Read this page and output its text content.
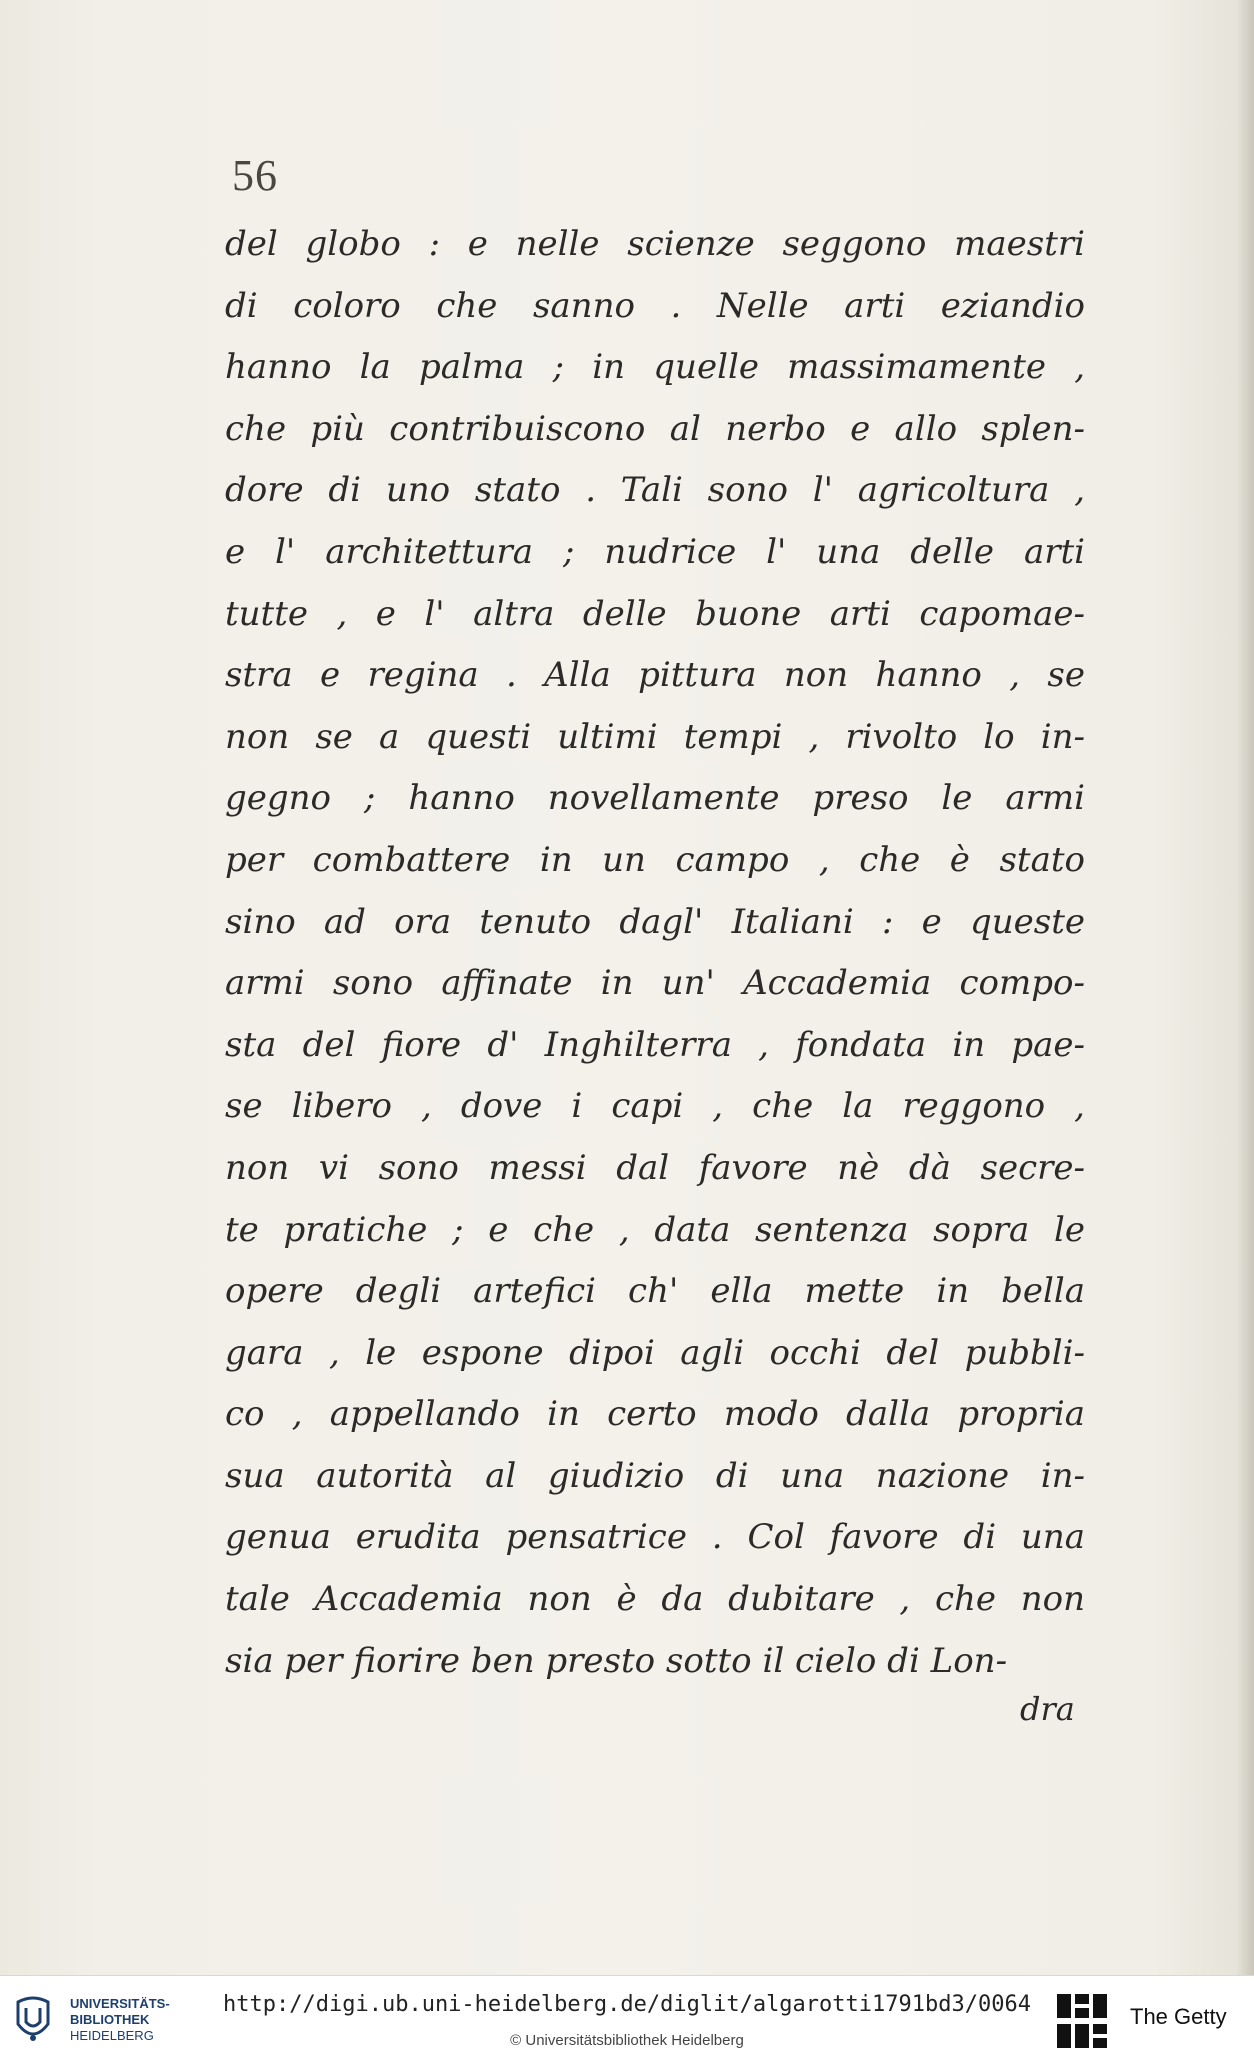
56
del globo : e nelle scienze seggono maestri
di coloro che sanno . Nelle arti eziandio
hanno la palma ; in quelle massimamente ,
che più contribuiscono al nerbo e allo splen-
dore di uno stato . Tali sono l' agricoltura ,
e l' architettura ; nudrice l' una delle arti
tutte , e l' altra delle buone arti capomae-
stra e regina . Alla pittura non hanno , se
non se a questi ultimi tempi , rivolto lo in-
gegno ; hanno novellamente preso le armi
per combattere in un campo , che è stato
sino ad ora tenuto dagl' Italiani : e queste
armi sono affinate in un' Accademia compo-
sta del fiore d' Inghilterra , fondata in pae-
se libero , dove i capi , che la reggono ,
non vi sono messi dal favore nè dà secre-
te pratiche ; e che , data sentenza sopra le
opere degli artefici ch' ella mette in bella
gara , le espone dipoi agli occhi del pubbli-
co , appellando in certo modo dalla propria
sua autorità al giudizio di una nazione in-
genua erudita pensatrice . Col favore di una
tale Accademia non è da dubitare , che non
sia per fiorire ben presto sotto il cielo di Lon-
dra
UNIVERSITÄTS-
BIBLIOTHEK
HEIDELBERG
http://digi.ub.uni-heidelberg.de/diglit/algarotti1791bd3/0064
© Universitätsbibliothek Heidelberg
The Getty
